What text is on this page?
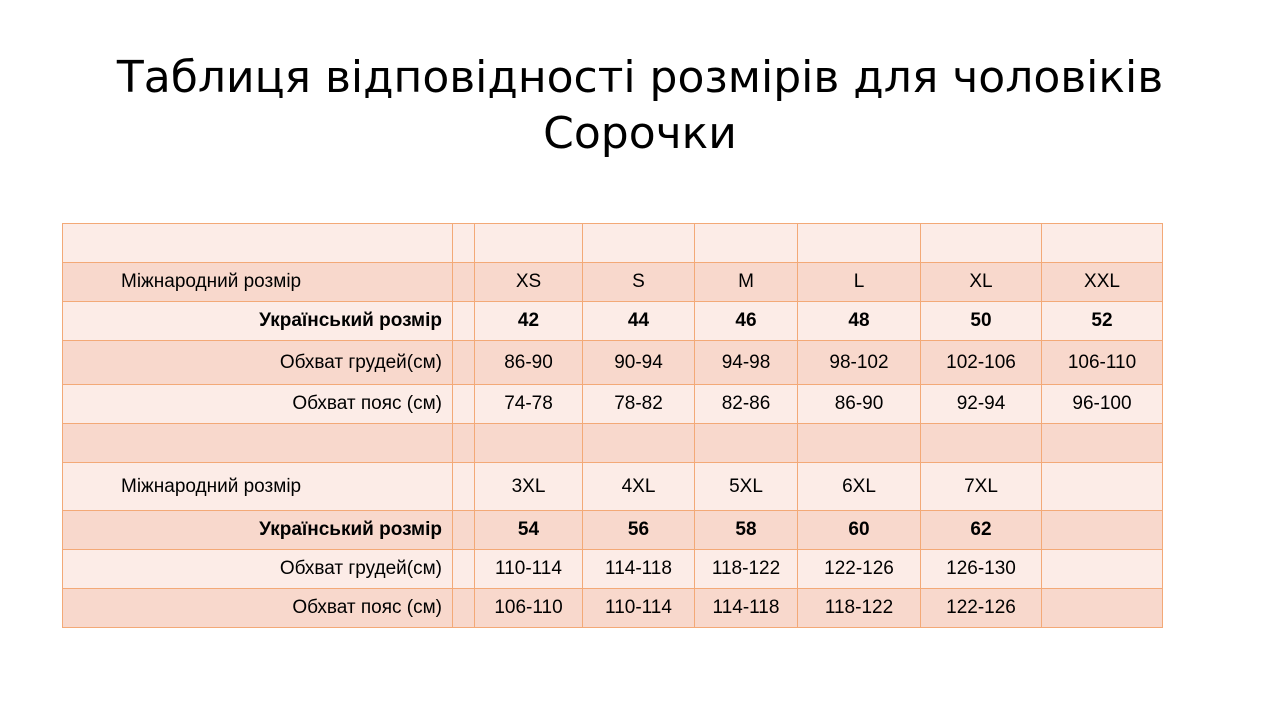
Таблиця відповідності розмірів для чоловіків
Сорочки

Міжнародний розмір		XS	S	M	L	XL	XXL
Український розмір		42	44	46	48	50	52
Обхват грудей(см)		86-90	90-94	94-98	98-102	102-106	106-110
Обхват пояс (см)		74-78	78-82	82-86	86-90	92-94	96-100

Міжнародний розмір		3XL	4XL	5XL	6XL	7XL	
Український розмір		54	56	58	60	62	
Обхват грудей(см)		110-114	114-118	118-122	122-126	126-130	
Обхват пояс (см)		106-110	110-114	114-118	118-122	122-126	
